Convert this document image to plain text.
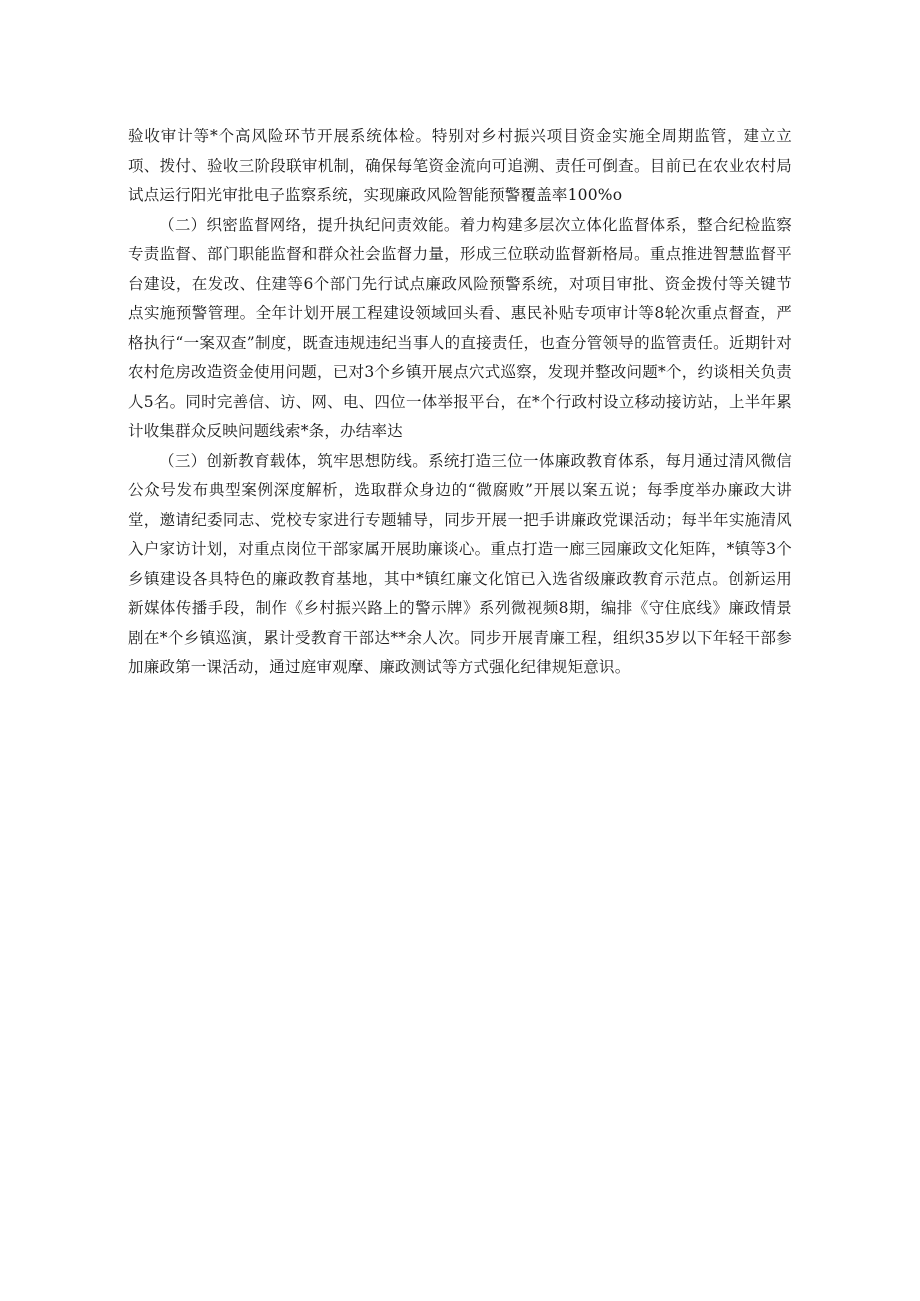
验收审计等*个高风险环节开展系统体检。特别对乡村振兴项目资金实施全周期监管，建立立项、拨付、验收三阶段联审机制，确保每笔资金流向可追溯、责任可倒查。目前已在农业农村局试点运行阳光审批电子监察系统，实现廉政风险智能预警覆盖率100%o

（二）织密监督网络，提升执纪问责效能。着力构建多层次立体化监督体系，整合纪检监察专责监督、部门职能监督和群众社会监督力量，形成三位联动监督新格局。重点推进智慧监督平台建设，在发改、住建等6个部门先行试点廉政风险预警系统，对项目审批、资金拨付等关键节点实施预警管理。全年计划开展工程建设领域回头看、惠民补贴专项审计等8轮次重点督查，严格执行“一案双查”制度，既查违规违纪当事人的直接责任，也查分管领导的监管责任。近期针对农村危房改造资金使用问题，已对3个乡镇开展点穴式巡察，发现并整改问题*个，约谈相关负责人5名。同时完善信、访、网、电、四位一体举报平台，在*个行政村设立移动接访站，上半年累计收集群众反映问题线索*条，办结率达

（三）创新教育载体，筑牢思想防线。系统打造三位一体廉政教育体系，每月通过清风微信公众号发布典型案例深度解析，选取群众身边的“微腐败”开展以案五说；每季度举办廉政大讲堂，邀请纪委同志、党校专家进行专题辅导，同步开展一把手讲廉政党课活动；每半年实施清风入户家访计划，对重点岗位干部家属开展助廉谈心。重点打造一廊三园廉政文化矩阵，*镇等3个乡镇建设各具特色的廉政教育基地，其中*镇红廉文化馆已入选省级廉政教育示范点。创新运用新媒体传播手段，制作《乡村振兴路上的警示牌》系列微视频8期，编排《守住底线》廉政情景剧在*个乡镇巡演，累计受教育干部达**余人次。同步开展青廉工程，组织35岁以下年轻干部参加廉政第一课活动，通过庭审观摩、廉政测试等方式强化纪律规矩意识。
